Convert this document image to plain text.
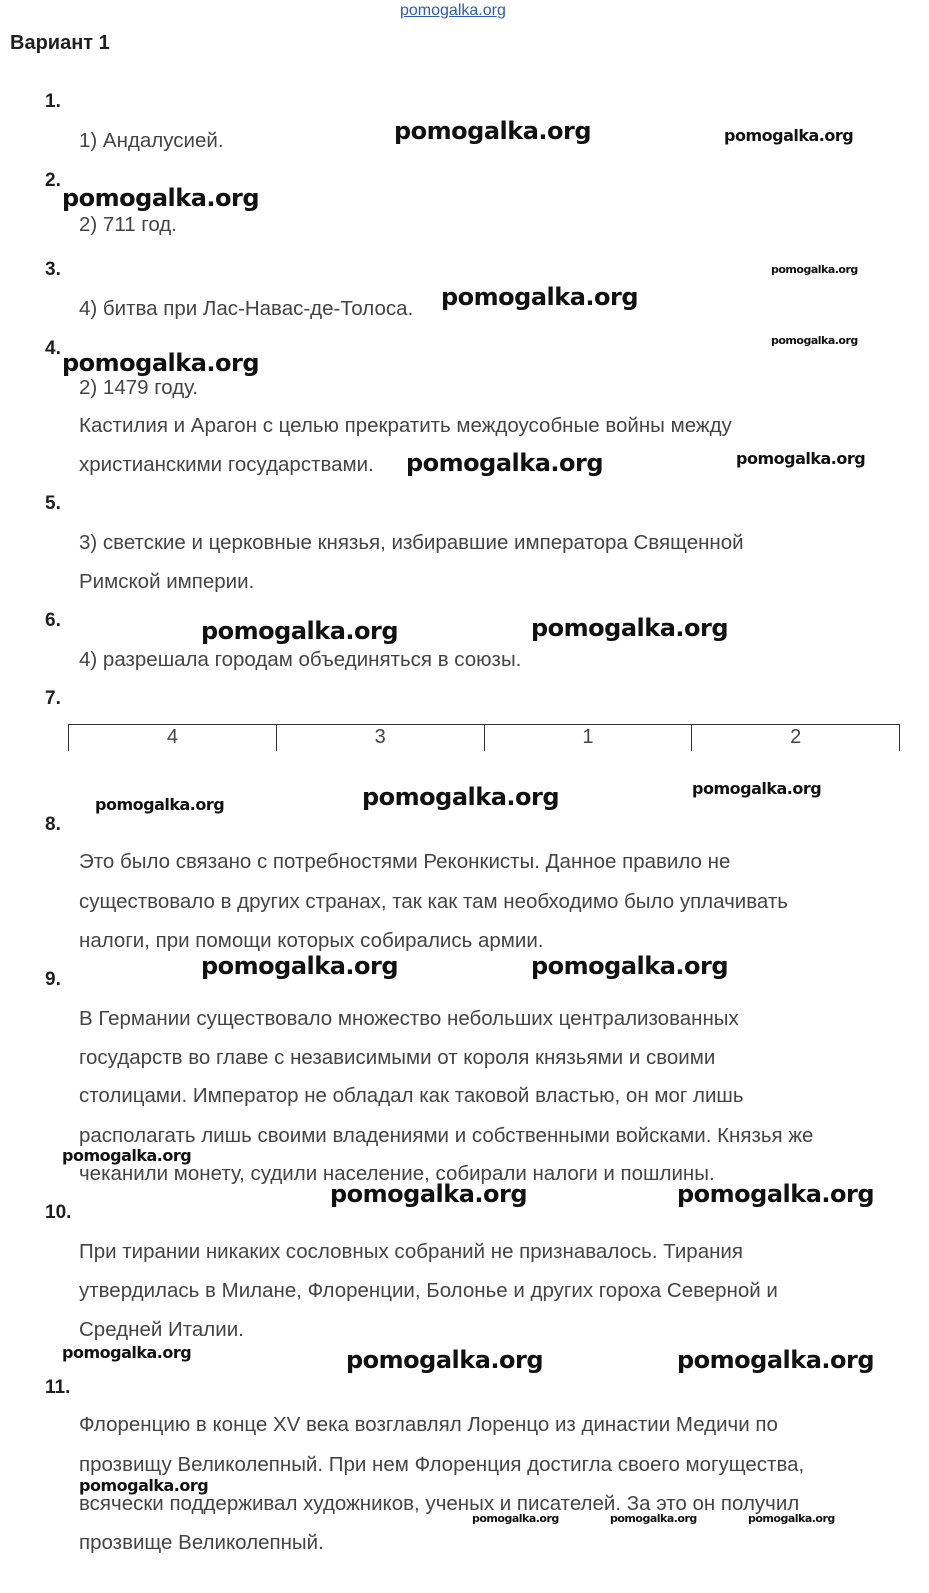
pomogalka.org
Вариант 1
1.
2.
3.
4.
5.
6.
7.
8.
9.
10.
11.
1) Андалусией.
2) 711 год.
4) битва при Лас-Навас-де-Толоса.
2) 1479 году.
Кастилия и Арагон с целью прекратить междоусобные войны между
христианскими государствами.
3) светские и церковные князья, избиравшие императора Священной
Римской империи.
4) разрешала городам объединяться в союзы.
4	3	1	2
Это было связано с потребностями Реконкисты. Данное правило не
существовало в других странах, так как там необходимо было уплачивать
налоги, при помощи которых собирались армии.
В Германии существовало множество небольших централизованных
государств во главе с независимыми от короля князьями и своими
столицами. Император не обладал как таковой властью, он мог лишь
располагать лишь своими владениями и собственными войсками. Князья же
чеканили монету, судили население, собирали налоги и пошлины.
При тирании никаких сословных собраний не признавалось. Тирания
утвердилась в Милане, Флоренции, Болонье и других гороха Северной и
Средней Италии.
Флоренцию в конце XV века возглавлял Лоренцо из династии Медичи по
прозвищу Великолепный. При нем Флоренция достигла своего могущества,
всячески поддерживал художников, ученых и писателей. За это он получил
прозвище Великолепный.
pomogalka.org	pomogalka.org
pomogalka.org
pomogalka.org
pomogalka.org
pomogalka.org
pomogalka.org
pomogalka.org	pomogalka.org
pomogalka.org	pomogalka.org
pomogalka.org	pomogalka.org	pomogalka.org
pomogalka.org	pomogalka.org
pomogalka.org
pomogalka.org	pomogalka.org
pomogalka.org	pomogalka.org	pomogalka.org
pomogalka.org
pomogalka.org	pomogalka.org	pomogalka.org
